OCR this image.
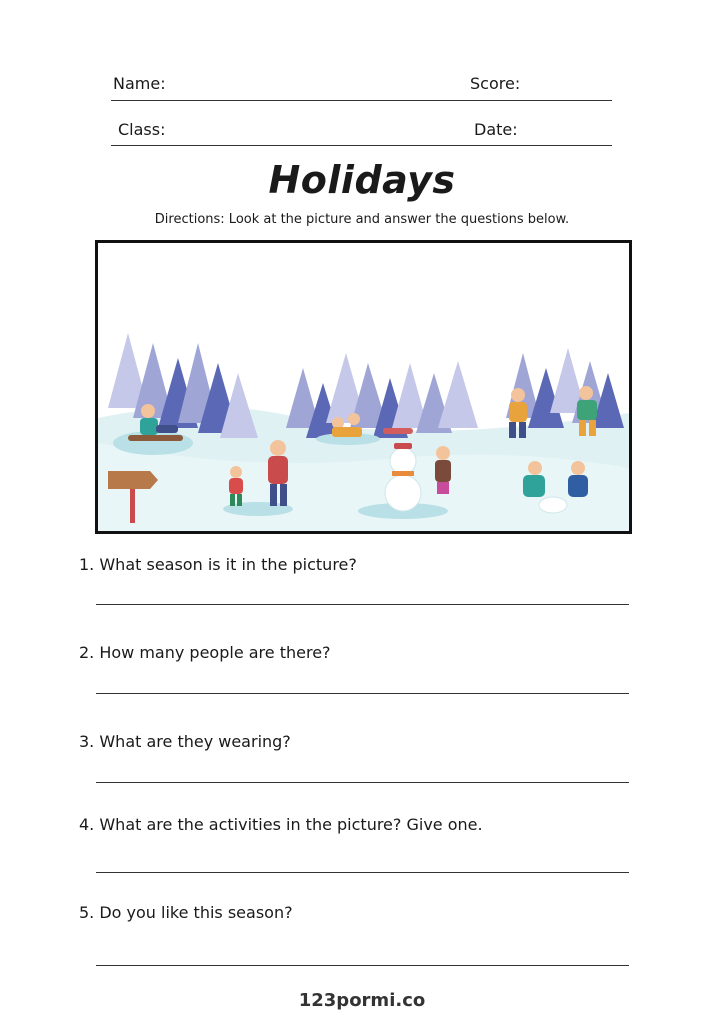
Name:	Score:
Class:	Date:
Holidays
Directions: Look at the picture and answer the questions below.
1. What season is it in the picture?
2. How many people are there?
3. What are they wearing?
4. What are the activities in the picture? Give one.
5. Do you like this season?
123pormi.co
